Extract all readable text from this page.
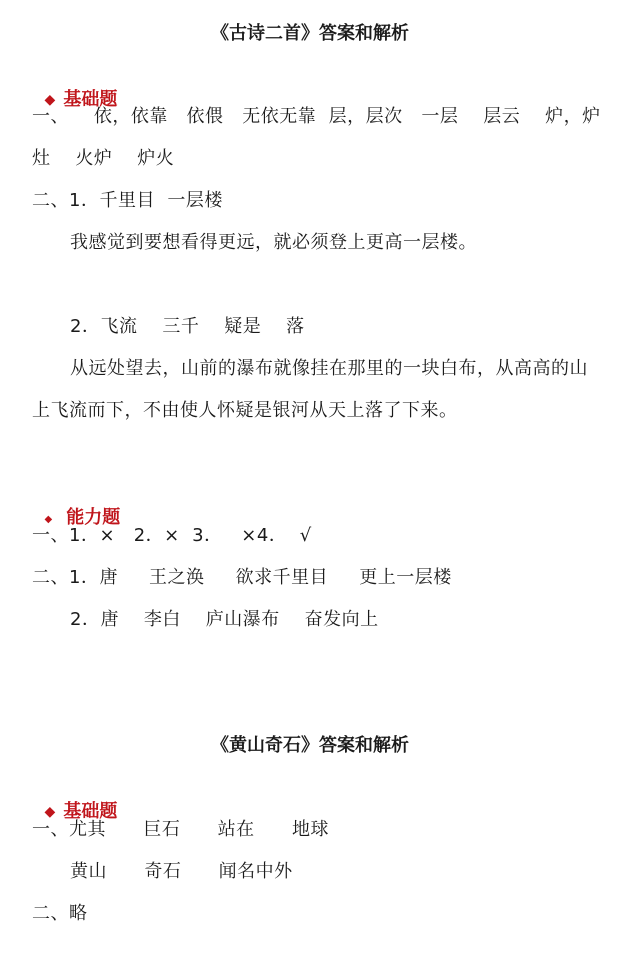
《古诗二首》答案和解析

◆ 基础题

一、    依，依靠   依偎   无依无靠  层，层次   一层    层云    炉，炉
灶    火炉    炉火
二、1．千里目  一层楼
我感觉到要想看得更远，就必须登上更高一层楼。
2．飞流    三千    疑是    落
从远处望去，山前的瀑布就像挂在那里的一块白布，从高高的山
上飞流而下，不由使人怀疑是银河从天上落了下来。

◆ 能力题

一、1．×   2．×  3．   ×4．  √
二、1．唐     王之涣     欲求千里目     更上一层楼
2．唐    李白    庐山瀑布    奋发向上
《黄山奇石》答案和解析

◆ 基础题

一、尤其      巨石      站在      地球
黄山      奇石      闻名中外
二、略
